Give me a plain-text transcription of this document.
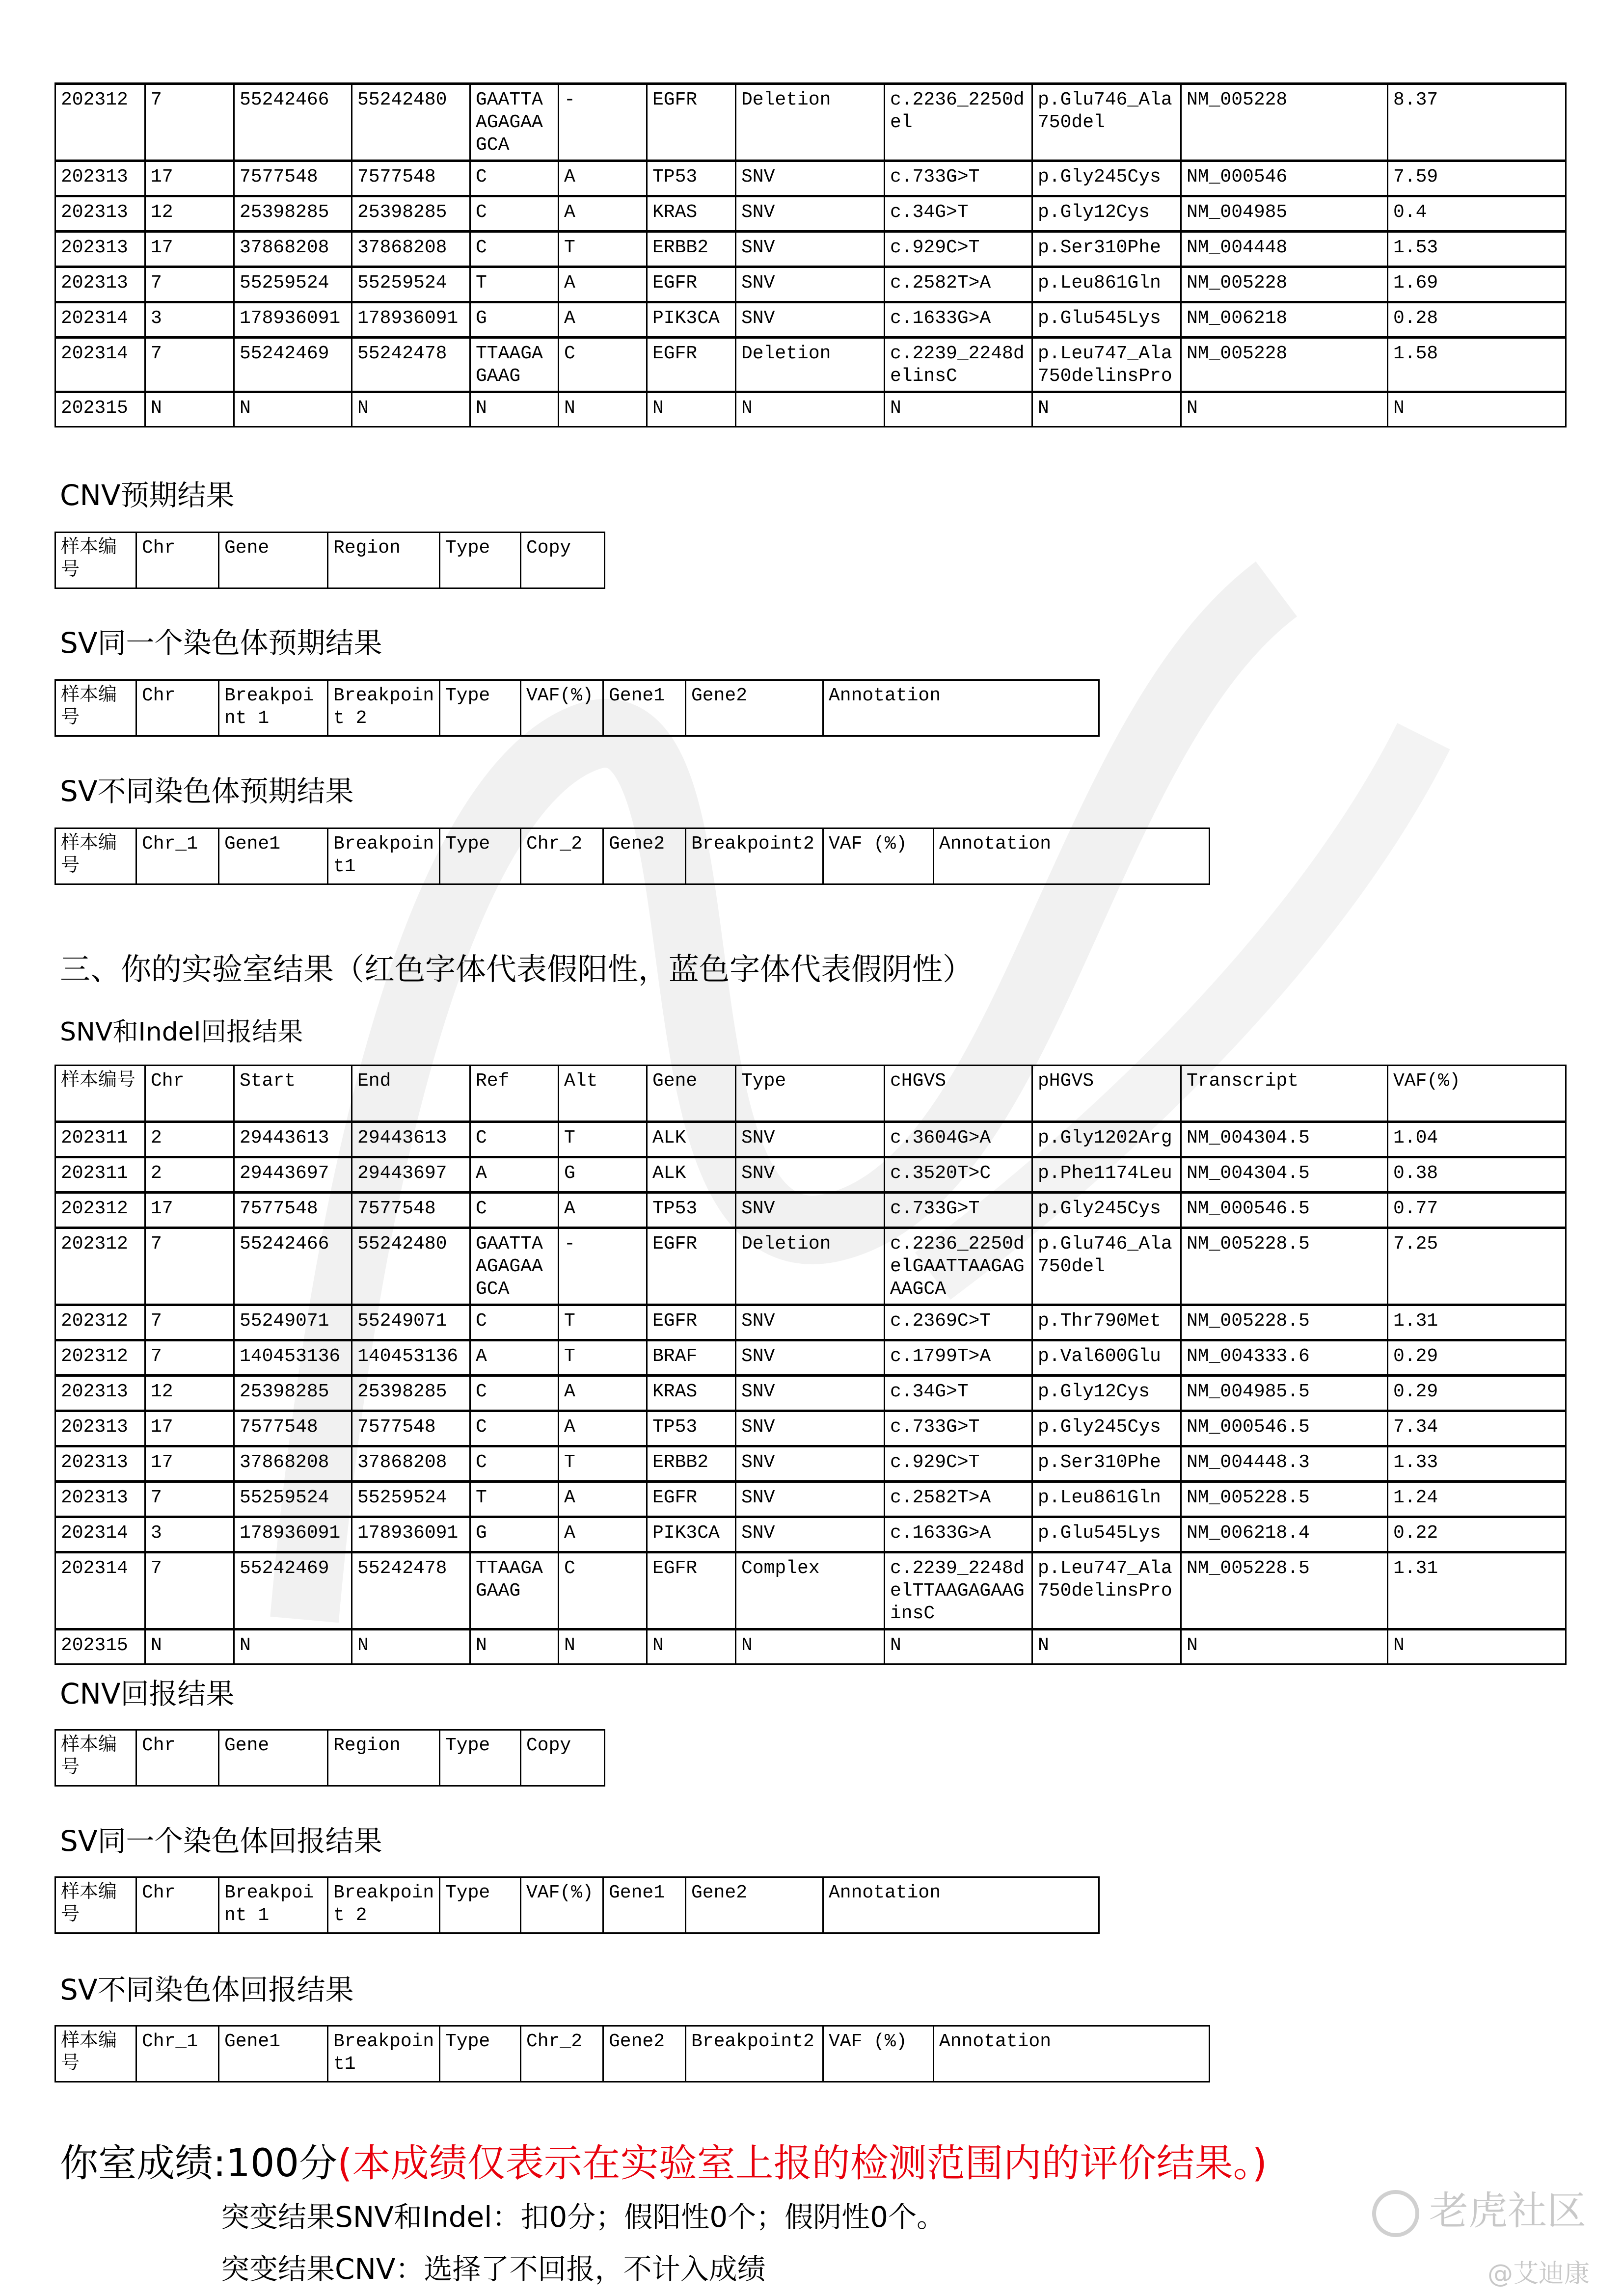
202312	7	55242466	55242480	GAATTAAGAGAAGCA	-	EGFR	Deletion	c.2236_2250del	p.Glu746_Ala750del	NM_005228	8.37
202313	17	7577548	7577548	C	A	TP53	SNV	c.733G>T	p.Gly245Cys	NM_000546	7.59
202313	12	25398285	25398285	C	A	KRAS	SNV	c.34G>T	p.Gly12Cys	NM_004985	0.4
202313	17	37868208	37868208	C	T	ERBB2	SNV	c.929C>T	p.Ser310Phe	NM_004448	1.53
202313	7	55259524	55259524	T	A	EGFR	SNV	c.2582T>A	p.Leu861Gln	NM_005228	1.69
202314	3	178936091	178936091	G	A	PIK3CA	SNV	c.1633G>A	p.Glu545Lys	NM_006218	0.28
202314	7	55242469	55242478	TTAAGAGAAG	C	EGFR	Deletion	c.2239_2248delinsC	p.Leu747_Ala750delinsPro	NM_005228	1.58
202315	N	N	N	N	N	N	N	N	N	N	N
CNV预期结果
样本编号	Chr	Gene	Region	Type	Copy
SV同一个染色体预期结果
样本编号	Chr	Breakpoint 1	Breakpoint 2	Type	VAF(%)	Gene1	Gene2	Annotation
SV不同染色体预期结果
样本编号	Chr_1	Gene1	Breakpoint1	Type	Chr_2	Gene2	Breakpoint2	VAF (%)	Annotation
三、你的实验室结果（红色字体代表假阳性，蓝色字体代表假阴性）
SNV和Indel回报结果
样本编号	Chr	Start	End	Ref	Alt	Gene	Type	cHGVS	pHGVS	Transcript	VAF(%)
202311	2	29443613	29443613	C	T	ALK	SNV	c.3604G>A	p.Gly1202Arg	NM_004304.5	1.04
202311	2	29443697	29443697	A	G	ALK	SNV	c.3520T>C	p.Phe1174Leu	NM_004304.5	0.38
202312	17	7577548	7577548	C	A	TP53	SNV	c.733G>T	p.Gly245Cys	NM_000546.5	0.77
202312	7	55242466	55242480	GAATTAAGAGAAGCA	-	EGFR	Deletion	c.2236_2250delGAATTAAGAGAAGCA	p.Glu746_Ala750del	NM_005228.5	7.25
202312	7	55249071	55249071	C	T	EGFR	SNV	c.2369C>T	p.Thr790Met	NM_005228.5	1.31
202312	7	140453136	140453136	A	T	BRAF	SNV	c.1799T>A	p.Val600Glu	NM_004333.6	0.29
202313	12	25398285	25398285	C	A	KRAS	SNV	c.34G>T	p.Gly12Cys	NM_004985.5	0.29
202313	17	7577548	7577548	C	A	TP53	SNV	c.733G>T	p.Gly245Cys	NM_000546.5	7.34
202313	17	37868208	37868208	C	T	ERBB2	SNV	c.929C>T	p.Ser310Phe	NM_004448.3	1.33
202313	7	55259524	55259524	T	A	EGFR	SNV	c.2582T>A	p.Leu861Gln	NM_005228.5	1.24
202314	3	178936091	178936091	G	A	PIK3CA	SNV	c.1633G>A	p.Glu545Lys	NM_006218.4	0.22
202314	7	55242469	55242478	TTAAGAGAAG	C	EGFR	Complex	c.2239_2248delTTAAGAGAAGinsC	p.Leu747_Ala750delinsPro	NM_005228.5	1.31
202315	N	N	N	N	N	N	N	N	N	N	N
CNV回报结果
样本编号	Chr	Gene	Region	Type	Copy
SV同一个染色体回报结果
样本编号	Chr	Breakpoint 1	Breakpoint 2	Type	VAF(%)	Gene1	Gene2	Annotation
SV不同染色体回报结果
样本编号	Chr_1	Gene1	Breakpoint1	Type	Chr_2	Gene2	Breakpoint2	VAF (%)	Annotation
你室成绩:100分(本成绩仅表示在实验室上报的检测范围内的评价结果。)
突变结果SNV和Indel：扣0分；假阳性0个；假阴性0个。
突变结果CNV：选择了不回报，不计入成绩
老虎社区
@艾迪康
